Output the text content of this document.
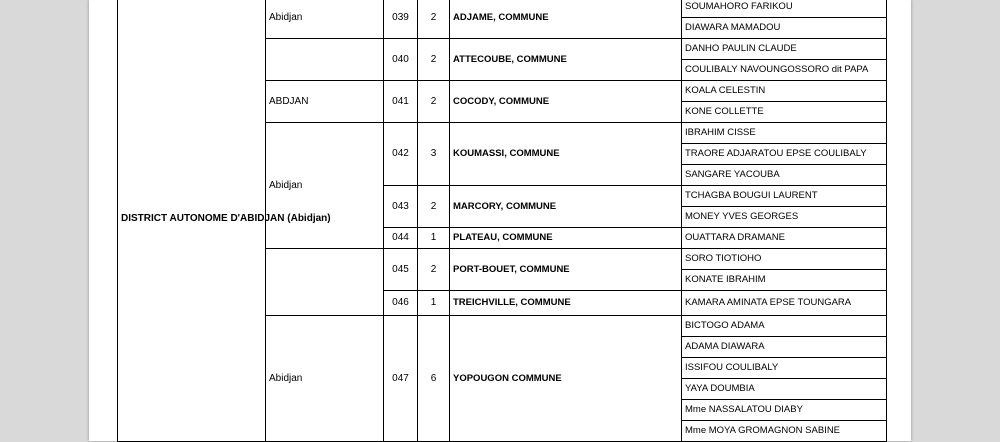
DISTRICT AUTONOME D'ABIDJAN (Abidjan)	Abidjan	039	2	ADJAME, COMMUNE	SOUMAHORO FARIKOU
					DIAWARA MAMADOU
		040	2	ATTECOUBE, COMMUNE	DANHO PAULIN CLAUDE
					COULIBALY NAVOUNGOSSORO dit PAPA
	ABDJAN	041	2	COCODY, COMMUNE	KOALA CELESTIN
					KONE COLLETTE
	Abidjan	042	3	KOUMASSI, COMMUNE	IBRAHIM CISSE
					TRAORE ADJARATOU EPSE COULIBALY
					SANGARE YACOUBA
		043	2	MARCORY, COMMUNE	TCHAGBA BOUGUI LAURENT
					MONEY YVES GEORGES
		044	1	PLATEAU, COMMUNE	OUATTARA DRAMANE
		045	2	PORT-BOUET, COMMUNE	SORO TIOTIOHO
					KONATE IBRAHIM
		046	1	TREICHVILLE, COMMUNE	KAMARA AMINATA EPSE TOUNGARA
	Abidjan	047	6	YOPOUGON COMMUNE	BICTOGO ADAMA
					ADAMA DIAWARA
					ISSIFOU COULIBALY
					YAYA DOUMBIA
					Mme NASSALATOU DIABY
					Mme MOYA GROMAGNON SABINE
